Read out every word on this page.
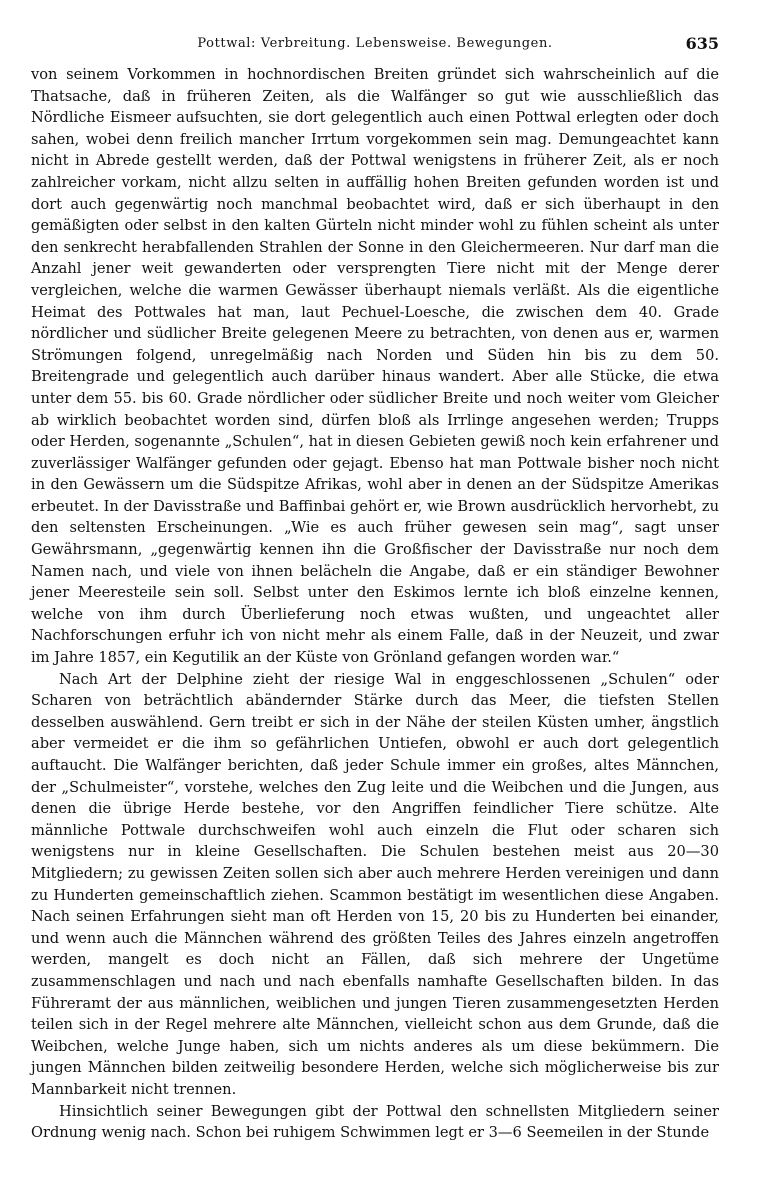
Pottwal: Verbreitung. Lebensweise. Bewegungen.	635

von seinem Vorkommen in hochnordischen Breiten gründet sich wahrscheinlich auf die Thatsache, daß in früheren Zeiten, als die Walfänger so gut wie ausschließlich das Nördliche Eismeer aufsuchten, sie dort gelegentlich auch einen Pottwal erlegten oder doch sahen, wobei denn freilich mancher Irrtum vorgekommen sein mag. Demungeachtet kann nicht in Abrede gestellt werden, daß der Pottwal wenigstens in früherer Zeit, als er noch zahlreicher vorkam, nicht allzu selten in auffällig hohen Breiten gefunden worden ist und dort auch gegenwärtig noch manchmal beobachtet wird, daß er sich überhaupt in den gemäßigten oder selbst in den kalten Gürteln nicht minder wohl zu fühlen scheint als unter den senkrecht herabfallenden Strahlen der Sonne in den Gleichermeeren. Nur darf man die Anzahl jener weit gewanderten oder versprengten Tiere nicht mit der Menge derer vergleichen, welche die warmen Gewässer überhaupt niemals verläßt. Als die eigentliche Heimat des Pottwales hat man, laut Pechuel-Loesche, die zwischen dem 40. Grade nördlicher und südlicher Breite gelegenen Meere zu betrachten, von denen aus er, warmen Strömungen folgend, unregelmäßig nach Norden und Süden hin bis zu dem 50. Breitengrade und gelegentlich auch darüber hinaus wandert. Aber alle Stücke, die etwa unter dem 55. bis 60. Grade nördlicher oder südlicher Breite und noch weiter vom Gleicher ab wirklich beobachtet worden sind, dürfen bloß als Irrlinge angesehen werden; Trupps oder Herden, sogenannte „Schulen“, hat in diesen Gebieten gewiß noch kein erfahrener und zuverlässiger Walfänger gefunden oder gejagt. Ebenso hat man Pottwale bisher noch nicht in den Gewässern um die Südspitze Afrikas, wohl aber in denen an der Südspitze Amerikas erbeutet. In der Davisstraße und Baffinbai gehört er, wie Brown ausdrücklich hervorhebt, zu den seltensten Erscheinungen. „Wie es auch früher gewesen sein mag“, sagt unser Gewährsmann, „gegenwärtig kennen ihn die Großfischer der Davisstraße nur noch dem Namen nach, und viele von ihnen belächeln die Angabe, daß er ein ständiger Bewohner jener Meeresteile sein soll. Selbst unter den Eskimos lernte ich bloß einzelne kennen, welche von ihm durch Überlieferung noch etwas wußten, und ungeachtet aller Nachforschungen erfuhr ich von nicht mehr als einem Falle, daß in der Neuzeit, und zwar im Jahre 1857, ein Kegutilik an der Küste von Grönland gefangen worden war.“

Nach Art der Delphine zieht der riesige Wal in enggeschlossenen „Schulen“ oder Scharen von beträchtlich abändernder Stärke durch das Meer, die tiefsten Stellen desselben auswählend. Gern treibt er sich in der Nähe der steilen Küsten umher, ängstlich aber vermeidet er die ihm so gefährlichen Untiefen, obwohl er auch dort gelegentlich auftaucht. Die Walfänger berichten, daß jeder Schule immer ein großes, altes Männchen, der „Schulmeister“, vorstehe, welches den Zug leite und die Weibchen und die Jungen, aus denen die übrige Herde bestehe, vor den Angriffen feindlicher Tiere schütze. Alte männliche Pottwale durchschweifen wohl auch einzeln die Flut oder scharen sich wenigstens nur in kleine Gesellschaften. Die Schulen bestehen meist aus 20—30 Mitgliedern; zu gewissen Zeiten sollen sich aber auch mehrere Herden vereinigen und dann zu Hunderten gemeinschaftlich ziehen. Scammon bestätigt im wesentlichen diese Angaben. Nach seinen Erfahrungen sieht man oft Herden von 15, 20 bis zu Hunderten bei einander, und wenn auch die Männchen während des größten Teiles des Jahres einzeln angetroffen werden, mangelt es doch nicht an Fällen, daß sich mehrere der Ungetüme zusammenschlagen und nach und nach ebenfalls namhafte Gesellschaften bilden. In das Führeramt der aus männlichen, weiblichen und jungen Tieren zusammengesetzten Herden teilen sich in der Regel mehrere alte Männchen, vielleicht schon aus dem Grunde, daß die Weibchen, welche Junge haben, sich um nichts anderes als um diese bekümmern. Die jungen Männchen bilden zeitweilig besondere Herden, welche sich möglicherweise bis zur Mannbarkeit nicht trennen.

Hinsichtlich seiner Bewegungen gibt der Pottwal den schnellsten Mitgliedern seiner Ordnung wenig nach. Schon bei ruhigem Schwimmen legt er 3—6 Seemeilen in der Stunde
